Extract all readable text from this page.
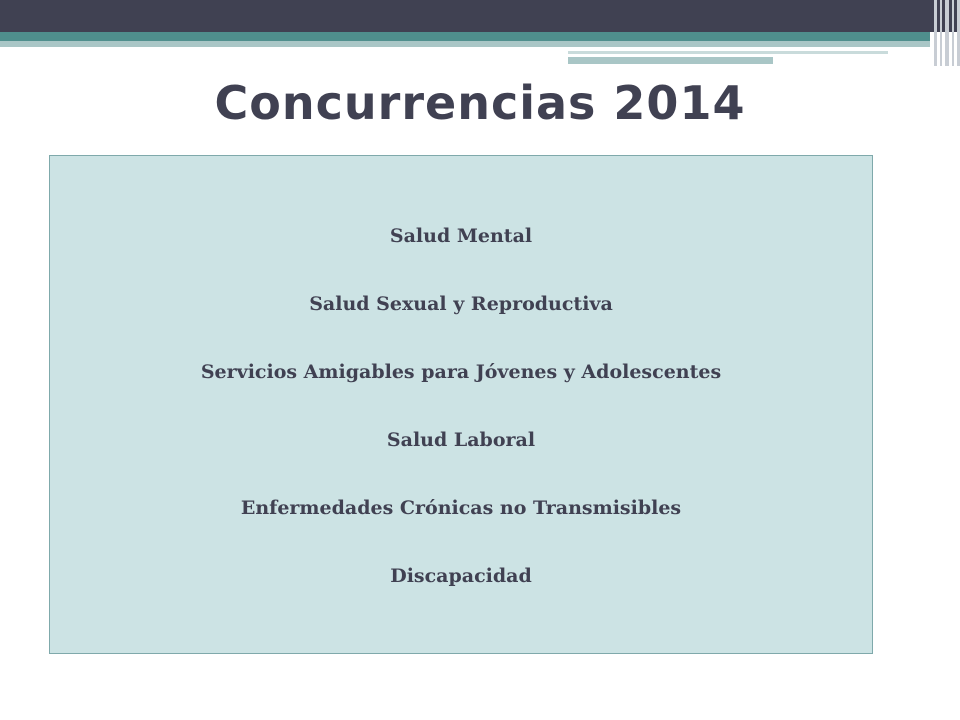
Concurrencias 2014
Salud Mental
Salud Sexual y Reproductiva
Servicios Amigables para Jóvenes y Adolescentes
Salud Laboral
Enfermedades Crónicas no Transmisibles
Discapacidad
